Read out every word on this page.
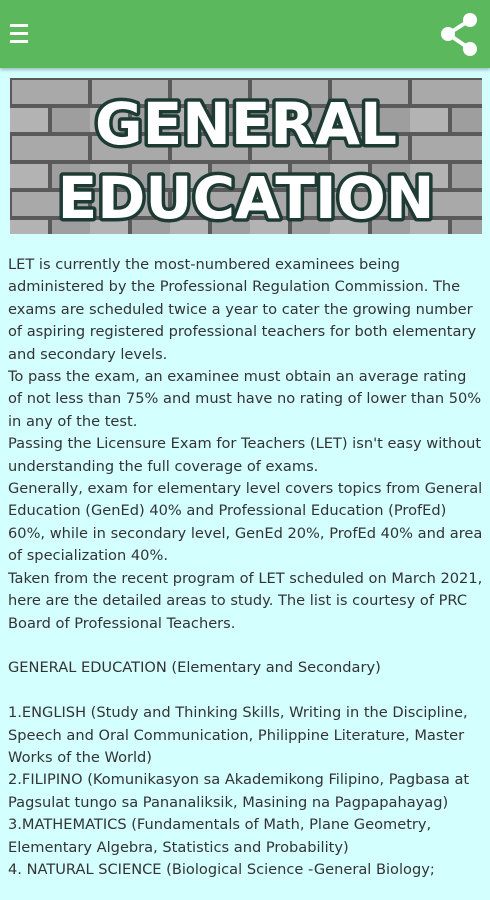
GENERAL
EDUCATION

LET is currently the most-numbered examinees being administered by the Professional Regulation Commission. The exams are scheduled twice a year to cater the growing number of aspiring registered professional teachers for both elementary and secondary levels.

To pass the exam, an examinee must obtain an average rating of not less than 75% and must have no rating of lower than 50% in any of the test.

Passing the Licensure Exam for Teachers (LET) isn't easy without understanding the full coverage of exams.

Generally, exam for elementary level covers topics from General Education (GenEd) 40% and Professional Education (ProfEd) 60%, while in secondary level, GenEd 20%, ProfEd 40% and area of specialization 40%.

Taken from the recent program of LET scheduled on March 2021, here are the detailed areas to study. The list is courtesy of PRC Board of Professional Teachers.

GENERAL EDUCATION (Elementary and Secondary)

1.ENGLISH (Study and Thinking Skills, Writing in the Discipline, Speech and Oral Communication, Philippine Literature, Master Works of the World)

2.FILIPINO (Komunikasyon sa Akademikong Filipino, Pagbasa at Pagsulat tungo sa Pananaliksik, Masining na Pagpapahayag)

3.MATHEMATICS (Fundamentals of Math, Plane Geometry, Elementary Algebra, Statistics and Probability)

4. NATURAL SCIENCE (Biological Science -General Biology;
